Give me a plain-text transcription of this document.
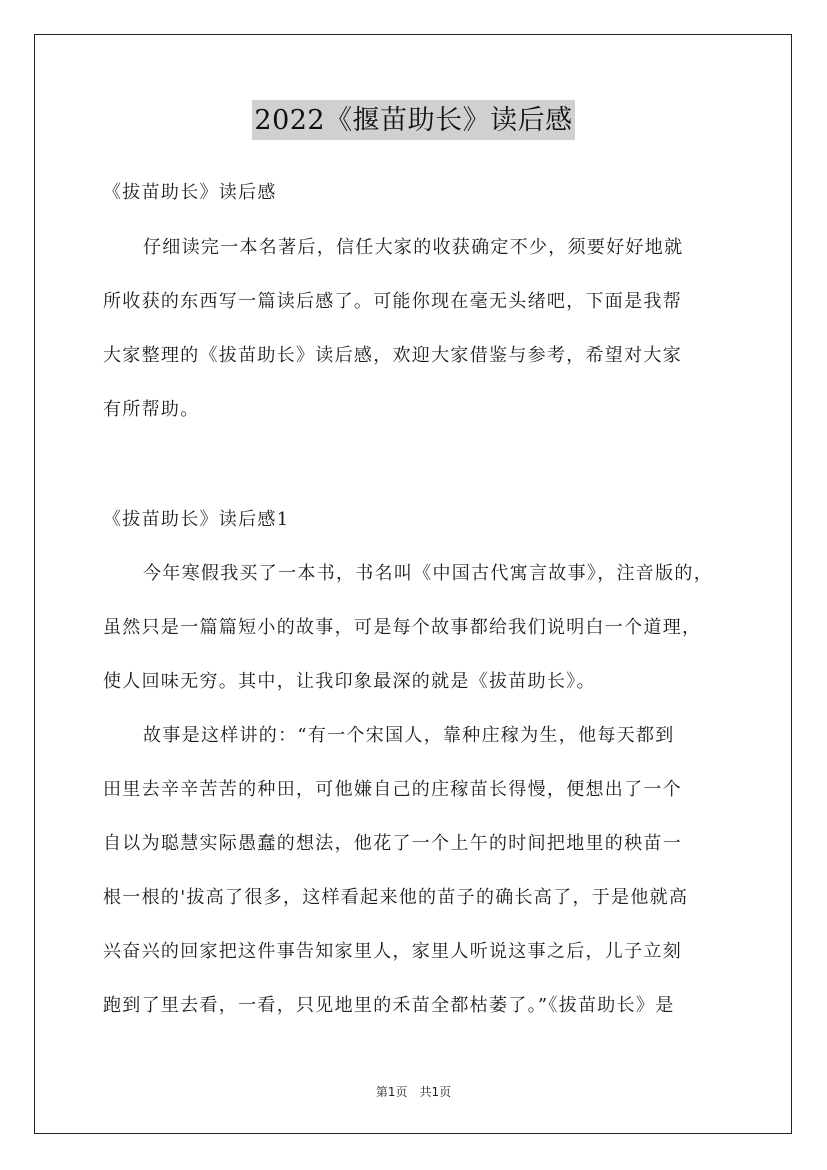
2022《揠苗助长》读后感
《拔苗助长》读后感
仔细读完一本名著后，信任大家的收获确定不少，须要好好地就
所收获的东西写一篇读后感了。可能你现在毫无头绪吧，下面是我帮
大家整理的《拔苗助长》读后感，欢迎大家借鉴与参考，希望对大家
有所帮助。
《拔苗助长》读后感1
今年寒假我买了一本书，书名叫《中国古代寓言故事》，注音版的，
虽然只是一篇篇短小的故事，可是每个故事都给我们说明白一个道理，
使人回味无穷。其中，让我印象最深的就是《拔苗助长》。
故事是这样讲的：“有一个宋国人，靠种庄稼为生，他每天都到
田里去辛辛苦苦的种田，可他嫌自己的庄稼苗长得慢，便想出了一个
自以为聪慧实际愚蠢的想法，他花了一个上午的时间把地里的秧苗一
根一根的'拔高了很多，这样看起来他的苗子的确长高了，于是他就高
兴奋兴的回家把这件事告知家里人，家里人听说这事之后，儿子立刻
跑到了里去看，一看，只见地里的禾苗全都枯萎了。”《拔苗助长》是
第1页　共1页
